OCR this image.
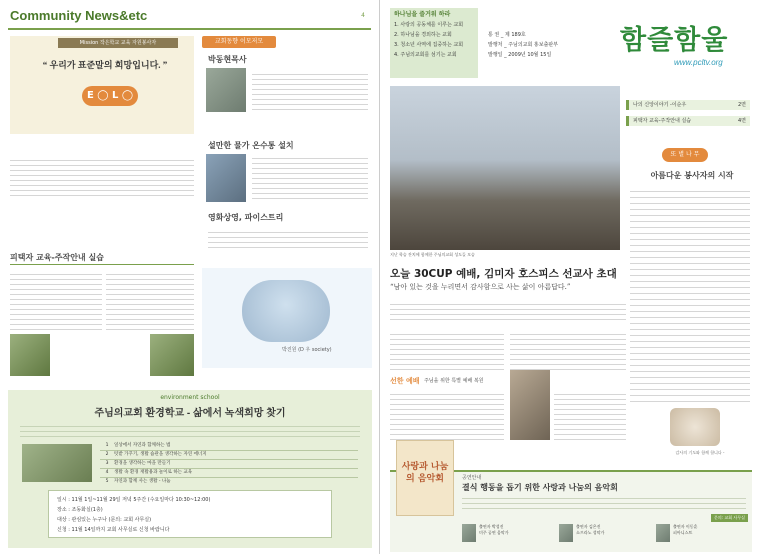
Community News&etc	4
Mission 작은학교 교육 자원봉사자
“ 우리가 표준말의 희망입니다. ”
E ◯ L ◯
교회동향 이모저모
박동현목사
설만한 물가 온수통 설치
영화상영, 파이스트리
피택자 교육-주작안내 실습
박진원 (D 우 society)
environment school
주님의교회 환경학교 - 삶에서 녹색희망 찾기
1	일상에서 자연과 함께하는 법
2	텃밭 가꾸기, 생활 습관을 생각하는 자연 에너지
3	환경을 생각하는 마을 만들기
4	생활 속 환경 재활용과 놀이로 하는 교육
5	자연과 함께 사는 생활 - 나눔
일시 : 11월 1일~11월 29일 저녁 5주간 (수요일마다 10:30~12:00)
장소 : 조동화실(1층)
대상 : 관심있는 누구나 (문의: 교회 사무실)
신청 : 11월 14일까지 교회 사무실로 신청 바랍니다
하나님을 즐거워 하라
1. 사랑의 공동체를 이루는 교회
2. 하나님을 경외하는 교회
3. 청소년 사역에 집중하는 교회
4. 주님의교회를 섬기는 교회
통 권 _ 제 189호
발행처 _ 주님의교회 홍보출판부
발행일 _ 2009년 10월 15일	함즐함울
www.pcltv.org
지난 학습 잔치에 함께한 주님의교회 성도들 모습
나의 신앙이야기 -이순우	2면
피택자 교육-주작안내 실습	4면
또 별 나 무
아름다운 봉사자의 시작
감사의 기도와 함께 합니다 -
오늘 30CUP 예배, 김미자 호스피스 선교사 초대
“남아 있는 것을 누리면서 감사함으로 사는 삶이 아름답다.”
선한 예배 주님을 위한 특별 예배 복원
사랑과 나눔의 음악회	공연안내
결식 행동을 돕기 위한 사랑과 나눔의 음악회
문의: 교회 사무실
출연자 박성진
미주 공연 음악가
출연자 김은진
소프라노 성악가
출연자 이동훈
피아니스트
